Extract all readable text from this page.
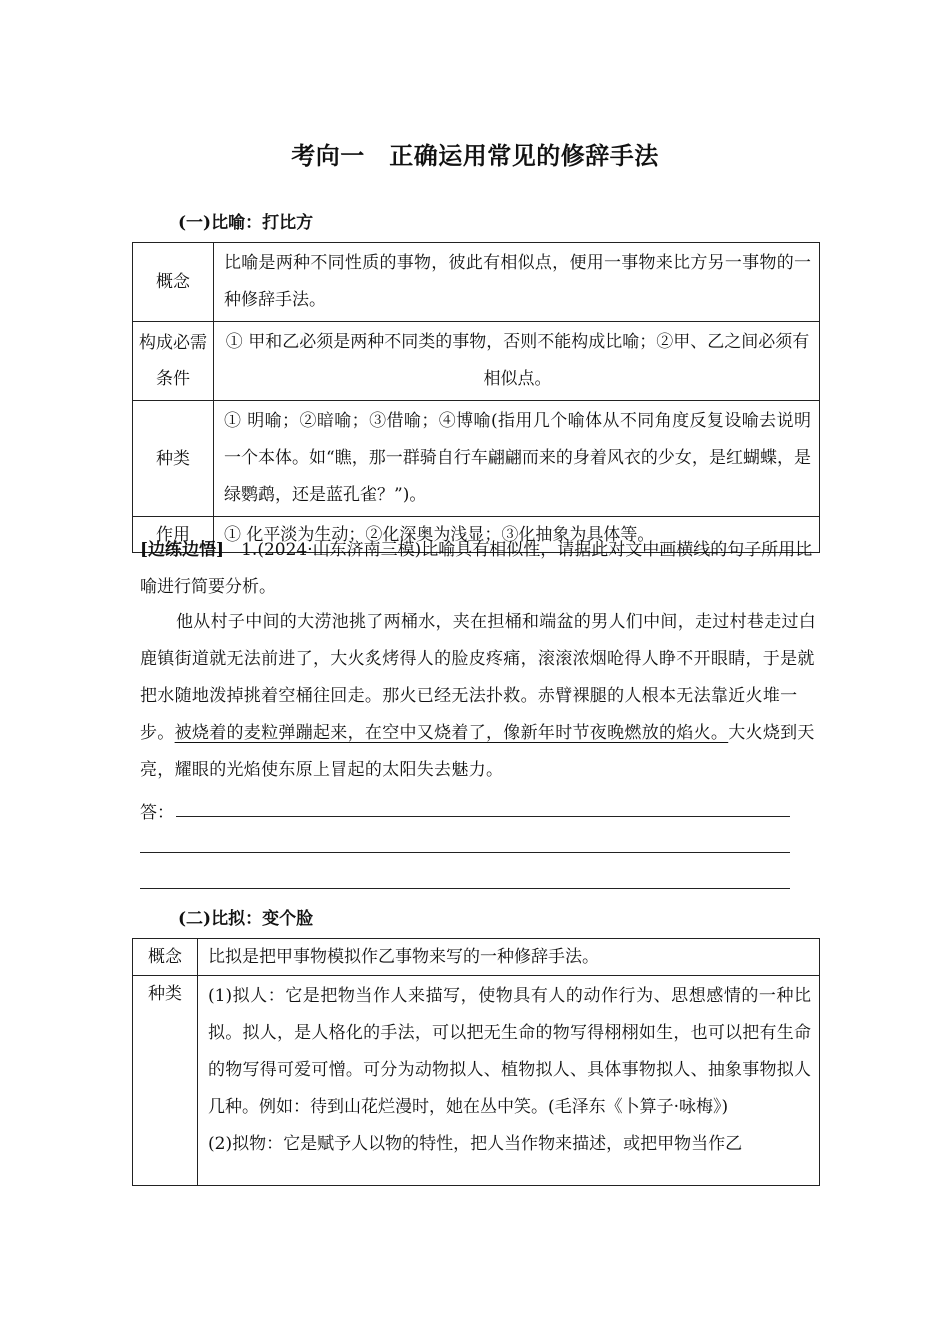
考向一　正确运用常见的修辞手法
(一)比喻：打比方
概念	比喻是两种不同性质的事物，彼此有相似点，便用一事物来比方另一事物的一种修辞手法。
构成必需条件	① 甲和乙必须是两种不同类的事物，否则不能构成比喻；②甲、乙之间必须有相似点。
种类	① 明喻；②暗喻；③借喻；④博喻(指用几个喻体从不同角度反复设喻去说明一个本体。如“瞧，那一群骑自行车翩翩而来的身着风衣的少女，是红蝴蝶，是绿鹦鹉，还是蓝孔雀？”)。
作用	① 化平淡为生动；②化深奥为浅显；③化抽象为具体等。
[边练边悟]　1.(2024·山东济南三模)比喻具有相似性，请据此对文中画横线的句子所用比喻进行简要分析。
他从村子中间的大涝池挑了两桶水，夹在担桶和端盆的男人们中间，走过村巷走过白鹿镇街道就无法前进了，大火炙烤得人的脸皮疼痛，滚滚浓烟呛得人睁不开眼睛，于是就把水随地泼掉挑着空桶往回走。那火已经无法扑救。赤臂裸腿的人根本无法靠近火堆一步。被烧着的麦粒弹蹦起来，在空中又烧着了，像新年时节夜晚燃放的焰火。大火烧到天亮，耀眼的光焰使东原上冒起的太阳失去魅力。
答：
(二)比拟：变个脸
概念	比拟是把甲事物模拟作乙事物来写的一种修辞手法。
种类	(1)拟人：它是把物当作人来描写，使物具有人的动作行为、思想感情的一种比拟。拟人，是人格化的手法，可以把无生命的物写得栩栩如生，也可以把有生命的物写得可爱可憎。可分为动物拟人、植物拟人、具体事物拟人、抽象事物拟人几种。例如：待到山花烂漫时，她在丛中笑。(毛泽东《卜算子·咏梅》)
(2)拟物：它是赋予人以物的特性，把人当作物来描述，或把甲物当作乙
